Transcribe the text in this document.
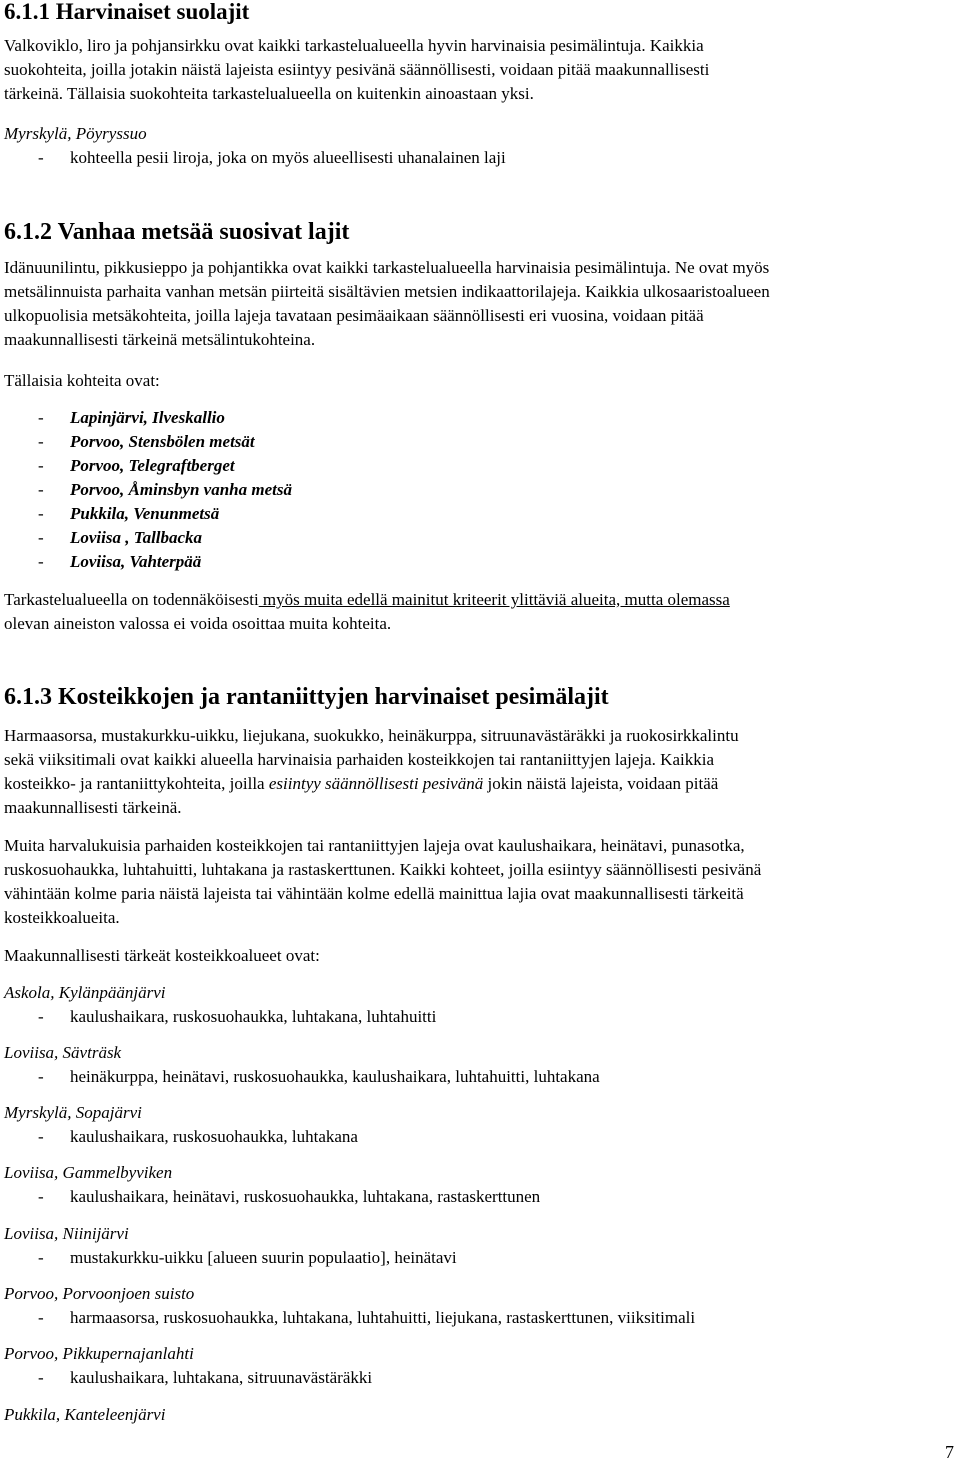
6.1.1 Harvinaiset suolajit
Valkoviklo, liro ja pohjansirkku ovat kaikki tarkastelualueella hyvin harvinaisia pesimälintuja. Kaikkia
suokohteita, joilla jotakin näistä lajeista esiintyy pesivänä säännöllisesti, voidaan pitää maakunnallisesti
tärkeinä. Tällaisia suokohteita tarkastelualueella on kuitenkin ainoastaan yksi.
Myrskylä, Pöyryssuo
- kohteella pesii liroja, joka on myös alueellisesti uhanalainen laji
6.1.2 Vanhaa metsää suosivat lajit
Idänuunilintu, pikkusieppo ja pohjantikka ovat kaikki tarkastelualueella harvinaisia pesimälintuja. Ne ovat myös
metsälinnuista parhaita vanhan metsän piirteitä sisältävien metsien indikaattorilajeja. Kaikkia ulkosaaristoalueen
ulkopuolisia metsäkohteita, joilla lajeja tavataan pesimäaikaan säännöllisesti eri vuosina, voidaan pitää
maakunnallisesti tärkeinä metsälintukohteina.
Tällaisia kohteita ovat:
- Lapinjärvi, Ilveskallio
- Porvoo, Stensbölen metsät
- Porvoo, Telegraftberget
- Porvoo, Åminsbyn vanha metsä
- Pukkila, Venunmetsä
- Loviisa , Tallbacka
- Loviisa, Vahterpää
Tarkastelualueella on todennäköisesti myös muita edellä mainitut kriteerit ylittäviä alueita, mutta olemassa
olevan aineiston valossa ei voida osoittaa muita kohteita.
6.1.3 Kosteikkojen ja rantaniittyjen harvinaiset pesimälajit
Harmaasorsa, mustakurkku-uikku, liejukana, suokukko, heinäkurppa, sitruunavästäräkki ja ruokosirkkalintu
sekä viiksitimali ovat kaikki alueella harvinaisia parhaiden kosteikkojen tai rantaniittyjen lajeja. Kaikkia
kosteikko- ja rantaniittykohteita, joilla esiintyy säännöllisesti pesivänä jokin näistä lajeista, voidaan pitää
maakunnallisesti tärkeinä.
Muita harvalukuisia parhaiden kosteikkojen tai rantaniittyjen lajeja ovat kaulushaikara, heinätavi, punasotka,
ruskosuohaukka, luhtahuitti, luhtakana ja rastaskerttunen. Kaikki kohteet, joilla esiintyy säännöllisesti pesivänä
vähintään kolme paria näistä lajeista tai vähintään kolme edellä mainittua lajia ovat maakunnallisesti tärkeitä
kosteikkoalueita.
Maakunnallisesti tärkeät kosteikkoalueet ovat:
Askola, Kylänpäänjärvi
- kaulushaikara, ruskosuohaukka, luhtakana, luhtahuitti
Loviisa, Sävträsk
- heinäkurppa, heinätavi, ruskosuohaukka, kaulushaikara, luhtahuitti, luhtakana
Myrskylä, Sopajärvi
- kaulushaikara, ruskosuohaukka, luhtakana
Loviisa, Gammelbyviken
- kaulushaikara, heinätavi, ruskosuohaukka, luhtakana, rastaskerttunen
Loviisa, Niinijärvi
- mustakurkku-uikku [alueen suurin populaatio], heinätavi
Porvoo, Porvoonjoen suisto
- harmaasorsa, ruskosuohaukka, luhtakana, luhtahuitti, liejukana, rastaskerttunen, viiksitimali
Porvoo, Pikkupernajanlahti
- kaulushaikara, luhtakana, sitruunavästäräkki
Pukkila, Kanteleenjärvi
7
